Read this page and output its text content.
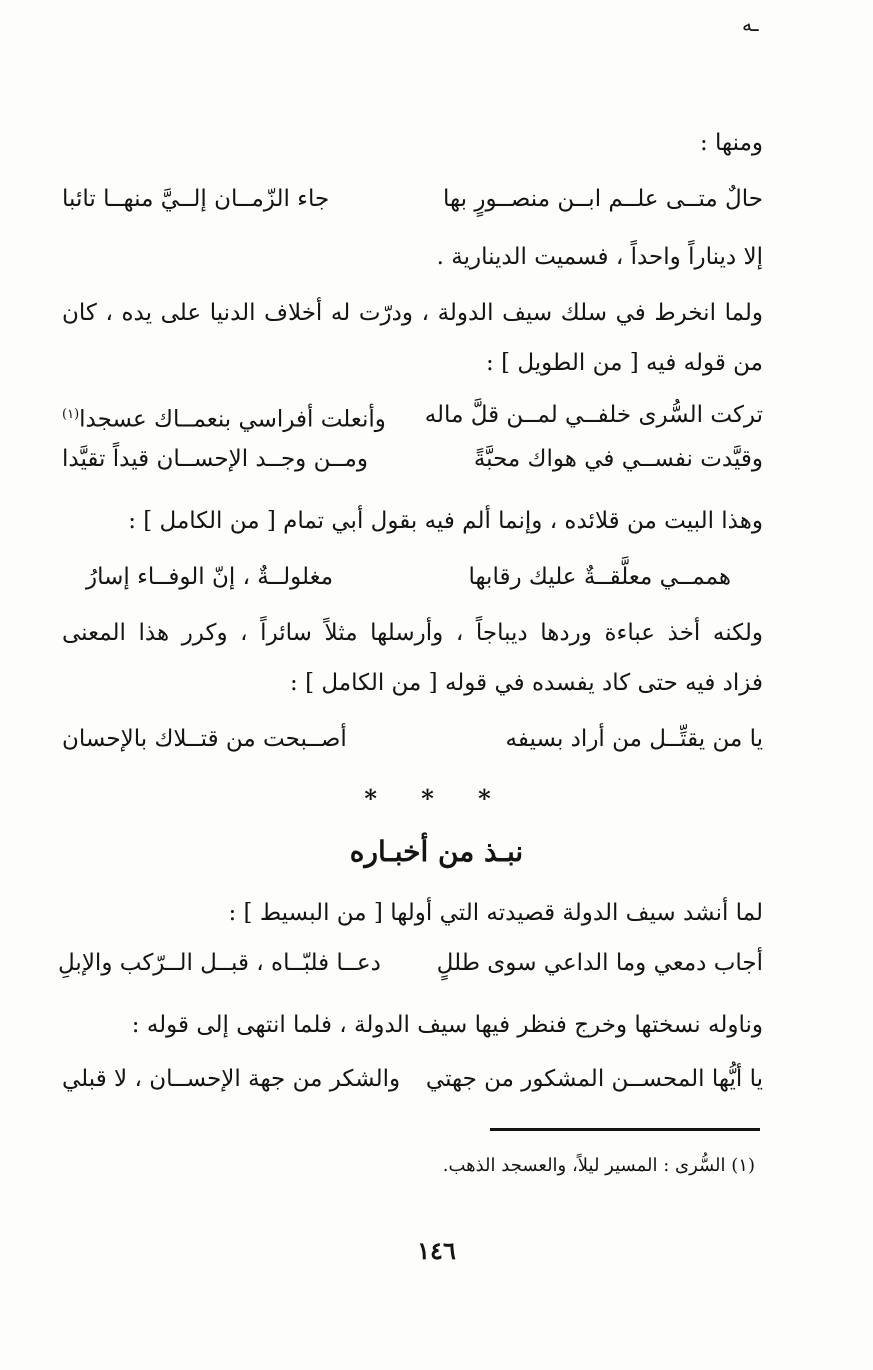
ـه
ومنها :
حالٌ متــى علــم ابــن منصــورٍ بها
جاء الزّمــان إلــيَّ منهــا تائبا
إلا ديناراً واحداً ، فسميت الدينارية .
ولما انخرط في سلك سيف الدولة ، ودرّت له أخلاف الدنيا على يده ، كان
من قوله فيه [ من الطويل ] :
تركت السُّرى خلفــي لمــن قلَّ ماله
وأنعلت أفراسي بنعمــاك عسجدا$^{(١)}$
وقيَّدت نفســي في هواك محبَّةً
ومــن وجــد الإحســان قيداً تقيَّدا
وهذا البيت من قلائده ، وإنما ألم فيه بقول أبي تمام [ من الكامل ] :
هممــي معلَّقــةٌ عليك رقابها
مغلولــةٌ ، إنّ الوفــاء إسارُ
ولكنه أخذ عباءة وردها ديباجاً ، وأرسلها مثلاً سائراً ، وكرر هذا المعنى
فزاد فيه حتى كاد يفسده في قوله [ من الكامل ] :
يا من يقتِّــل من أراد بسيفه
أصــبحت من قتــلاك بالإحسان
* * *
نبـذ من أخبـاره
لما أنشد سيف الدولة قصيدته التي أولها [ من البسيط ] :
أجاب دمعي وما الداعي سوى طللٍ
دعــا فلبّــاه ، قبــل الــرّكب والإبلِ
وناوله نسختها وخرج فنظر فيها سيف الدولة ، فلما انتهى إلى قوله :
يا أيُّها المحســن المشكور من جهتي
والشكر من جهة الإحســان ، لا قبلي
(١) السُّرى : المسير ليلاً، والعسجد الذهب.
١٤٦
